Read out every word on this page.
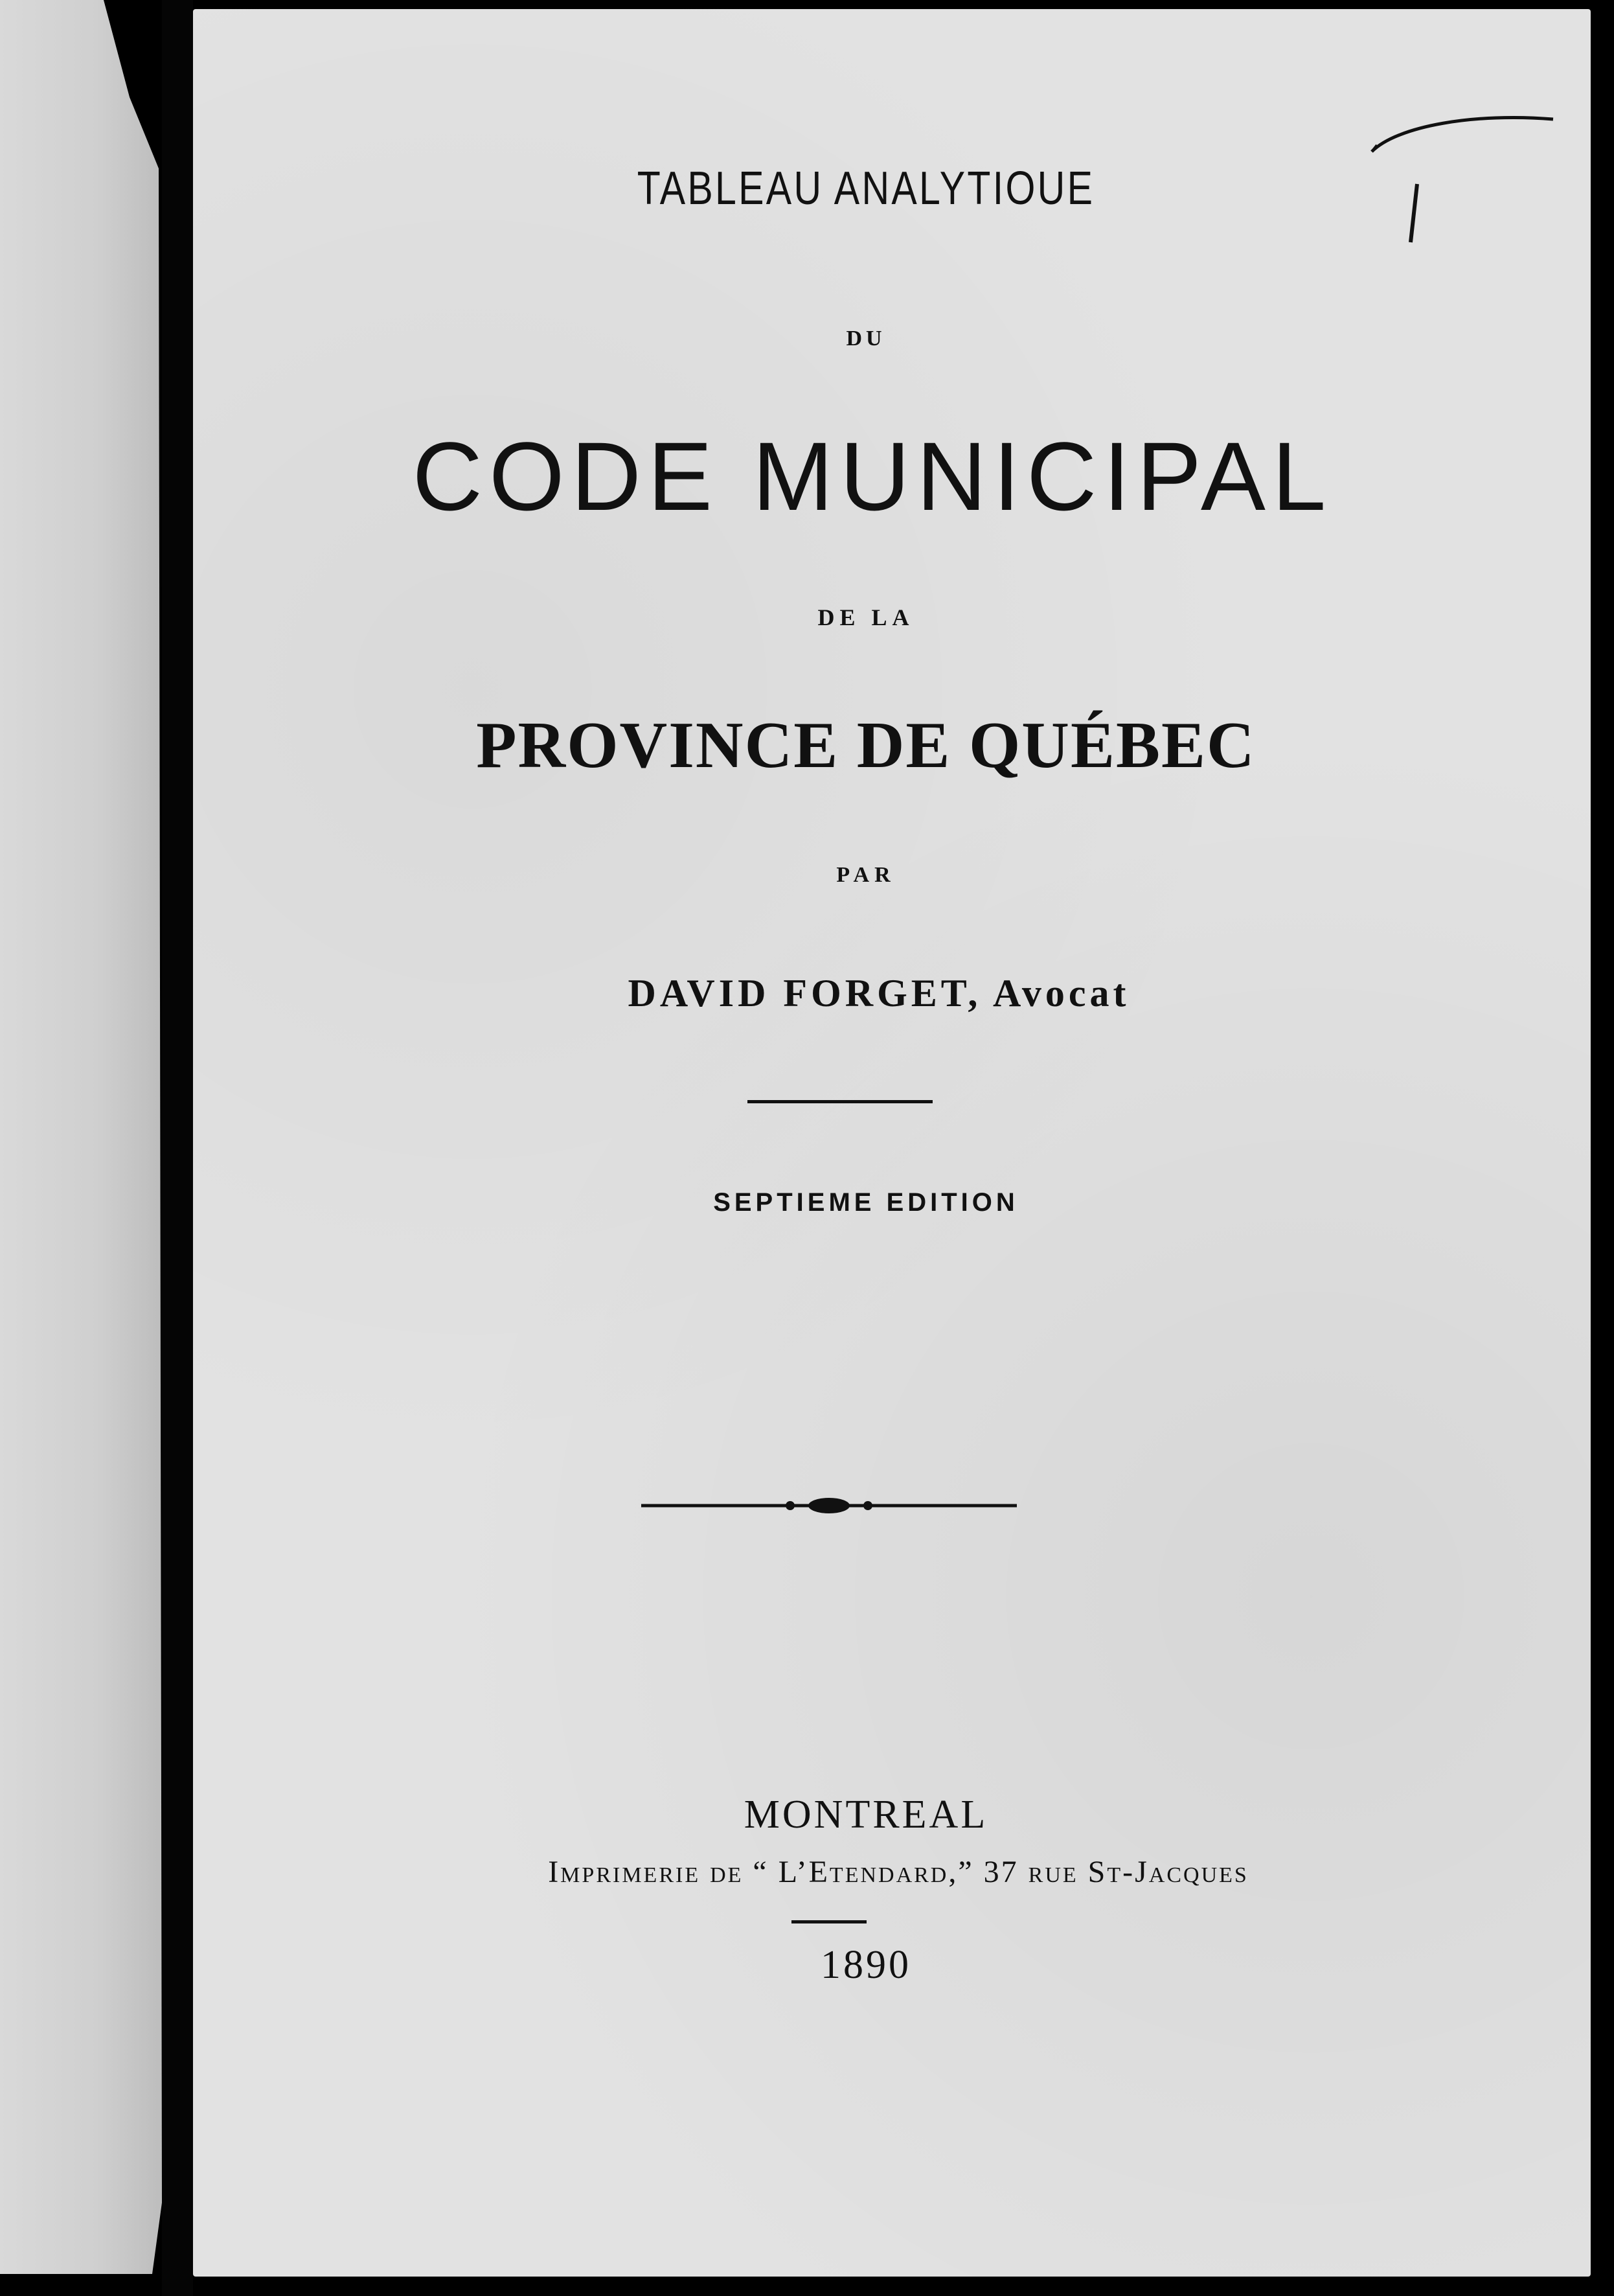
TABLEAU ANALYTIOUE
DU
CODE MUNICIPAL
DE LA
PROVINCE DE QUÉBEC
PAR
DAVID FORGET, Avocat
SEPTIEME EDITION
MONTREAL
Imprimerie de “ L’Etendard,” 37 rue St-Jacques
1890
